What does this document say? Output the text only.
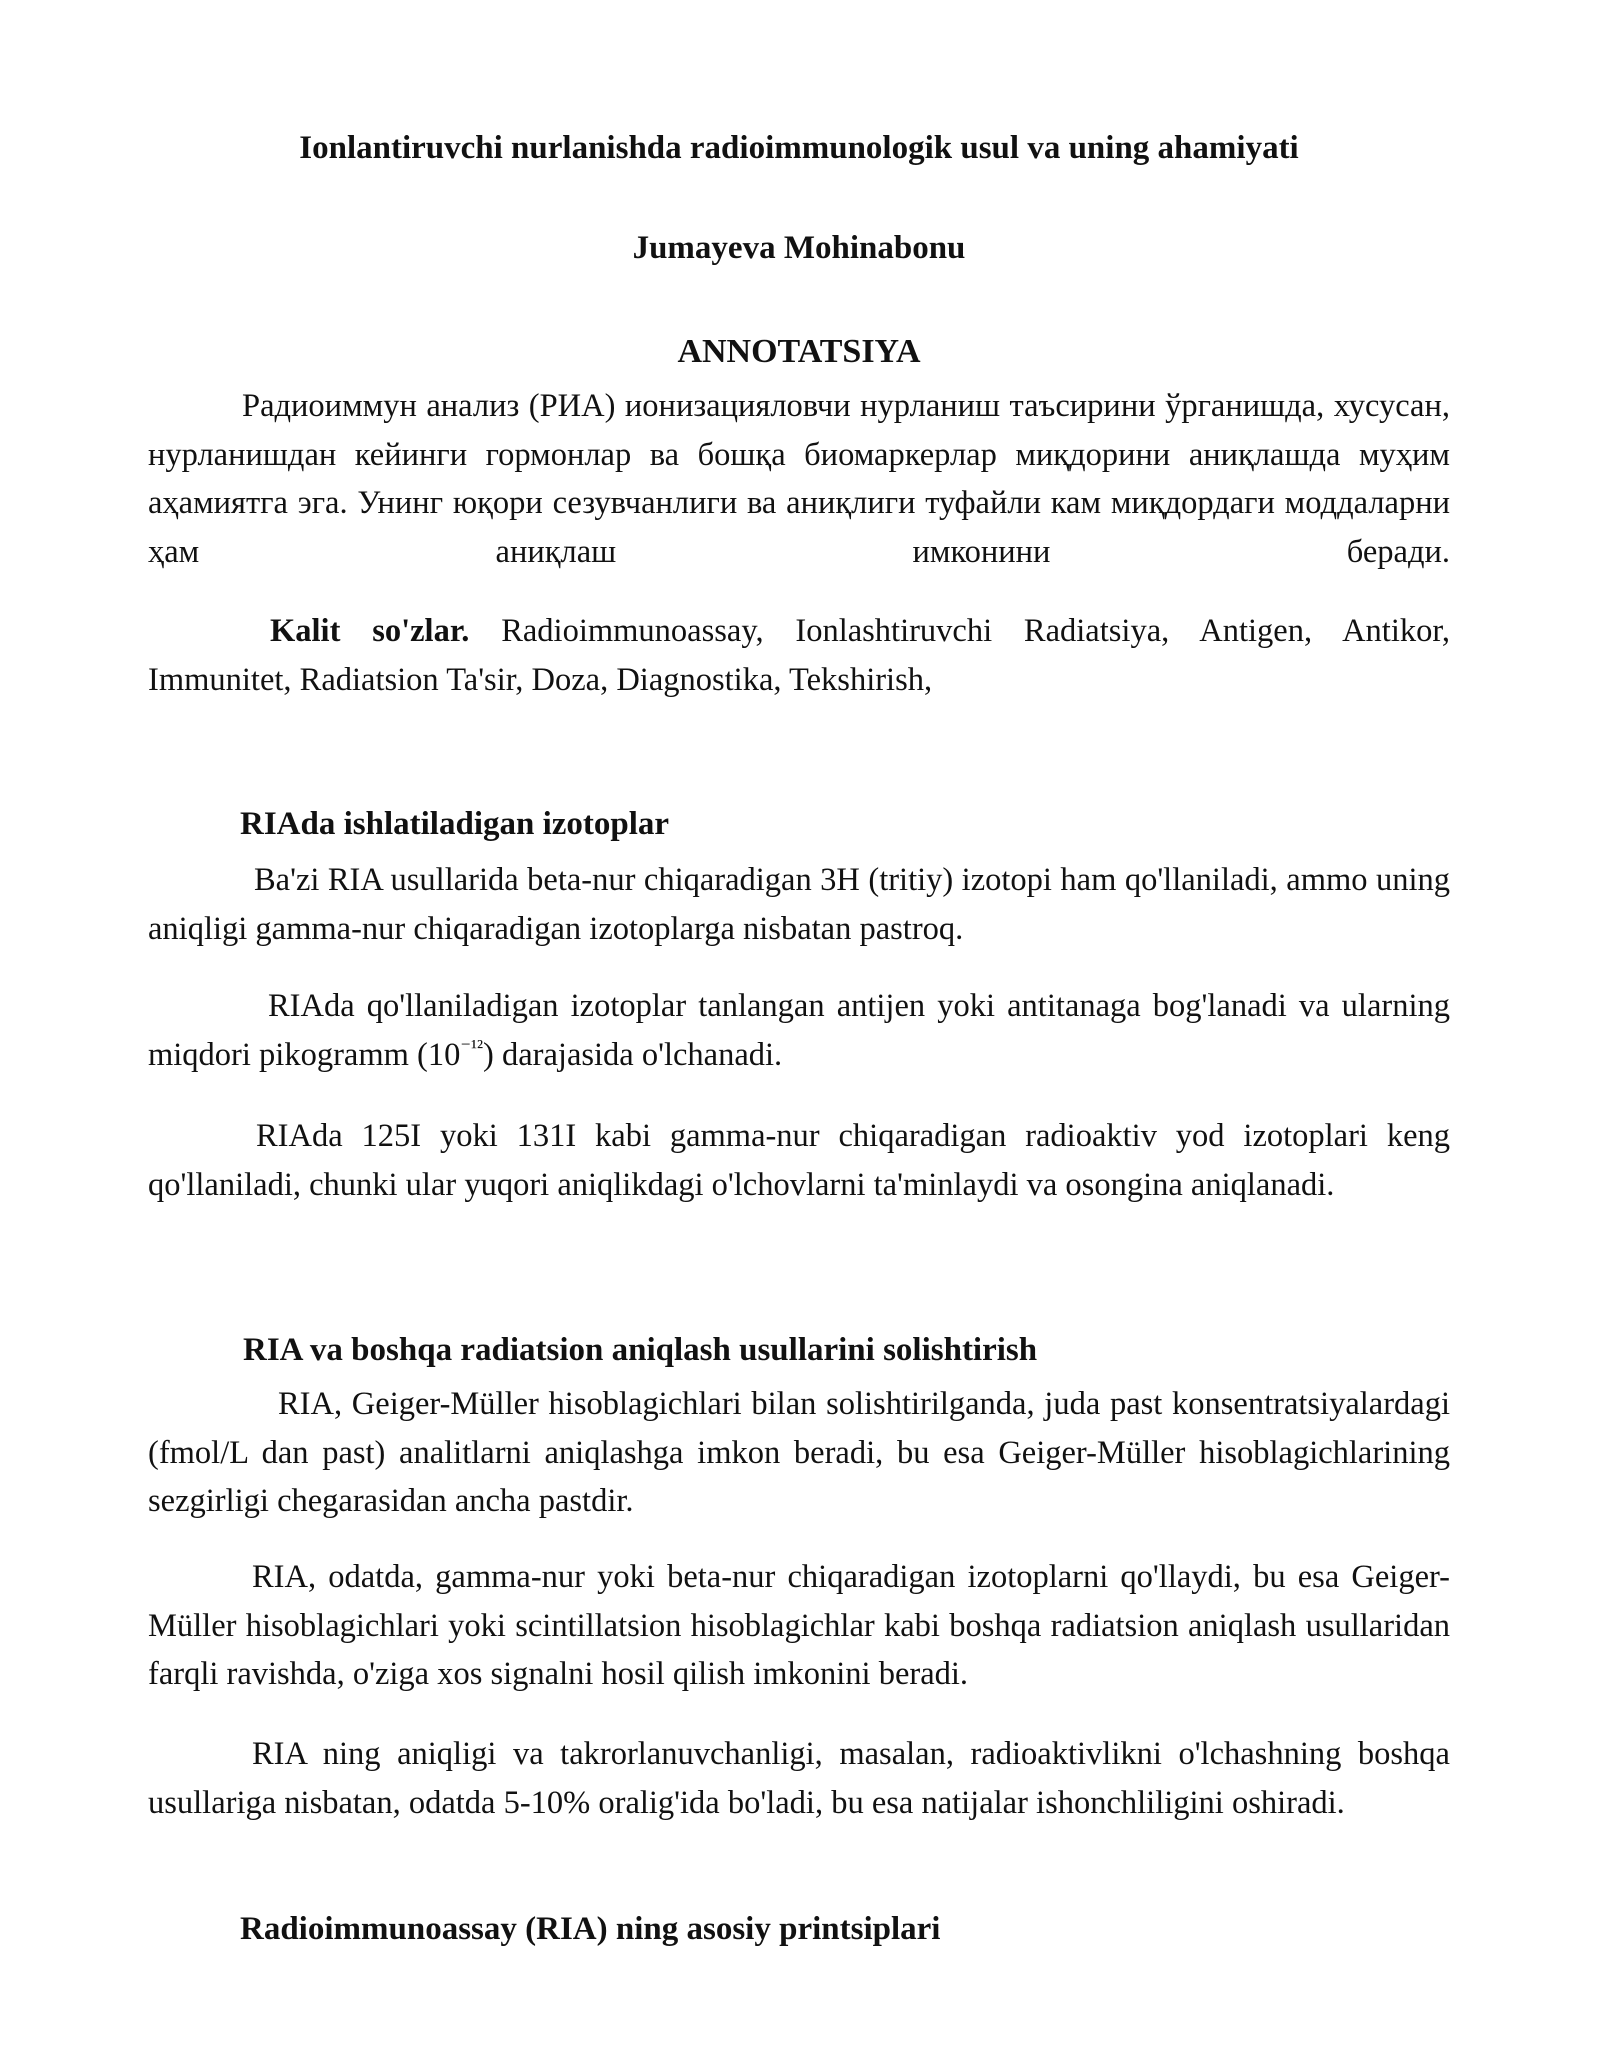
Ionlantiruvchi nurlanishda radioimmunologik usul va uning ahamiyati
Jumayeva Mohinabonu
ANNOTATSIYA

Радиоиммун анализ (РИА) ионизацияловчи нурланиш таъсирини ўрганишда, хусусан, нурланишдан кейинги гормонлар ва бошқа биомаркерлар миқдорини аниқлашда муҳим аҳамиятга эга. Унинг юқори сезувчанлиги ва аниқлиги туфайли кам миқдордаги моддаларни ҳам аниқлаш имконини беради.

Kalit so'zlar. Radioimmunoassay, Ionlashtiruvchi Radiatsiya, Antigen, Antikor, Immunitet, Radiatsion Ta'sir, Doza, Diagnostika, Tekshirish,

RIAda ishlatiladigan izotoplar

Ba'zi RIA usullarida beta-nur chiqaradigan 3H (tritiy) izotopi ham qo'llaniladi, ammo uning aniqligi gamma-nur chiqaradigan izotoplarga nisbatan pastroq.

RIAda qo'llaniladigan izotoplar tanlangan antijen yoki antitanaga bog'lanadi va ularning miqdori pikogramm $(10^{^{-12}})$ darajasida o'lchanadi.

RIAda 125I yoki 131I kabi gamma-nur chiqaradigan radioaktiv yod izotoplari keng qo'llaniladi, chunki ular yuqori aniqlikdagi o'lchovlarni ta'minlaydi va osongina aniqlanadi.

RIA va boshqa radiatsion aniqlash usullarini solishtirish

RIA, Geiger-Müller hisoblagichlari bilan solishtirilganda, juda past konsentratsiyalardagi (fmol/L dan past) analitlarni aniqlashga imkon beradi, bu esa Geiger-Müller hisoblagichlarining sezgirligi chegarasidan ancha pastdir.

RIA, odatda, gamma-nur yoki beta-nur chiqaradigan izotoplarni qo'llaydi, bu esa Geiger-Müller hisoblagichlari yoki scintillatsion hisoblagichlar kabi boshqa radiatsion aniqlash usullaridan farqli ravishda, o'ziga xos signalni hosil qilish imkonini beradi.

RIA ning aniqligi va takrorlanuvchanligi, masalan, radioaktivlikni o'lchashning boshqa usullariga nisbatan, odatda 5-10% oralig'ida bo'ladi, bu esa natijalar ishonchliligini oshiradi.

Radioimmunoassay (RIA) ning asosiy printsiplari
